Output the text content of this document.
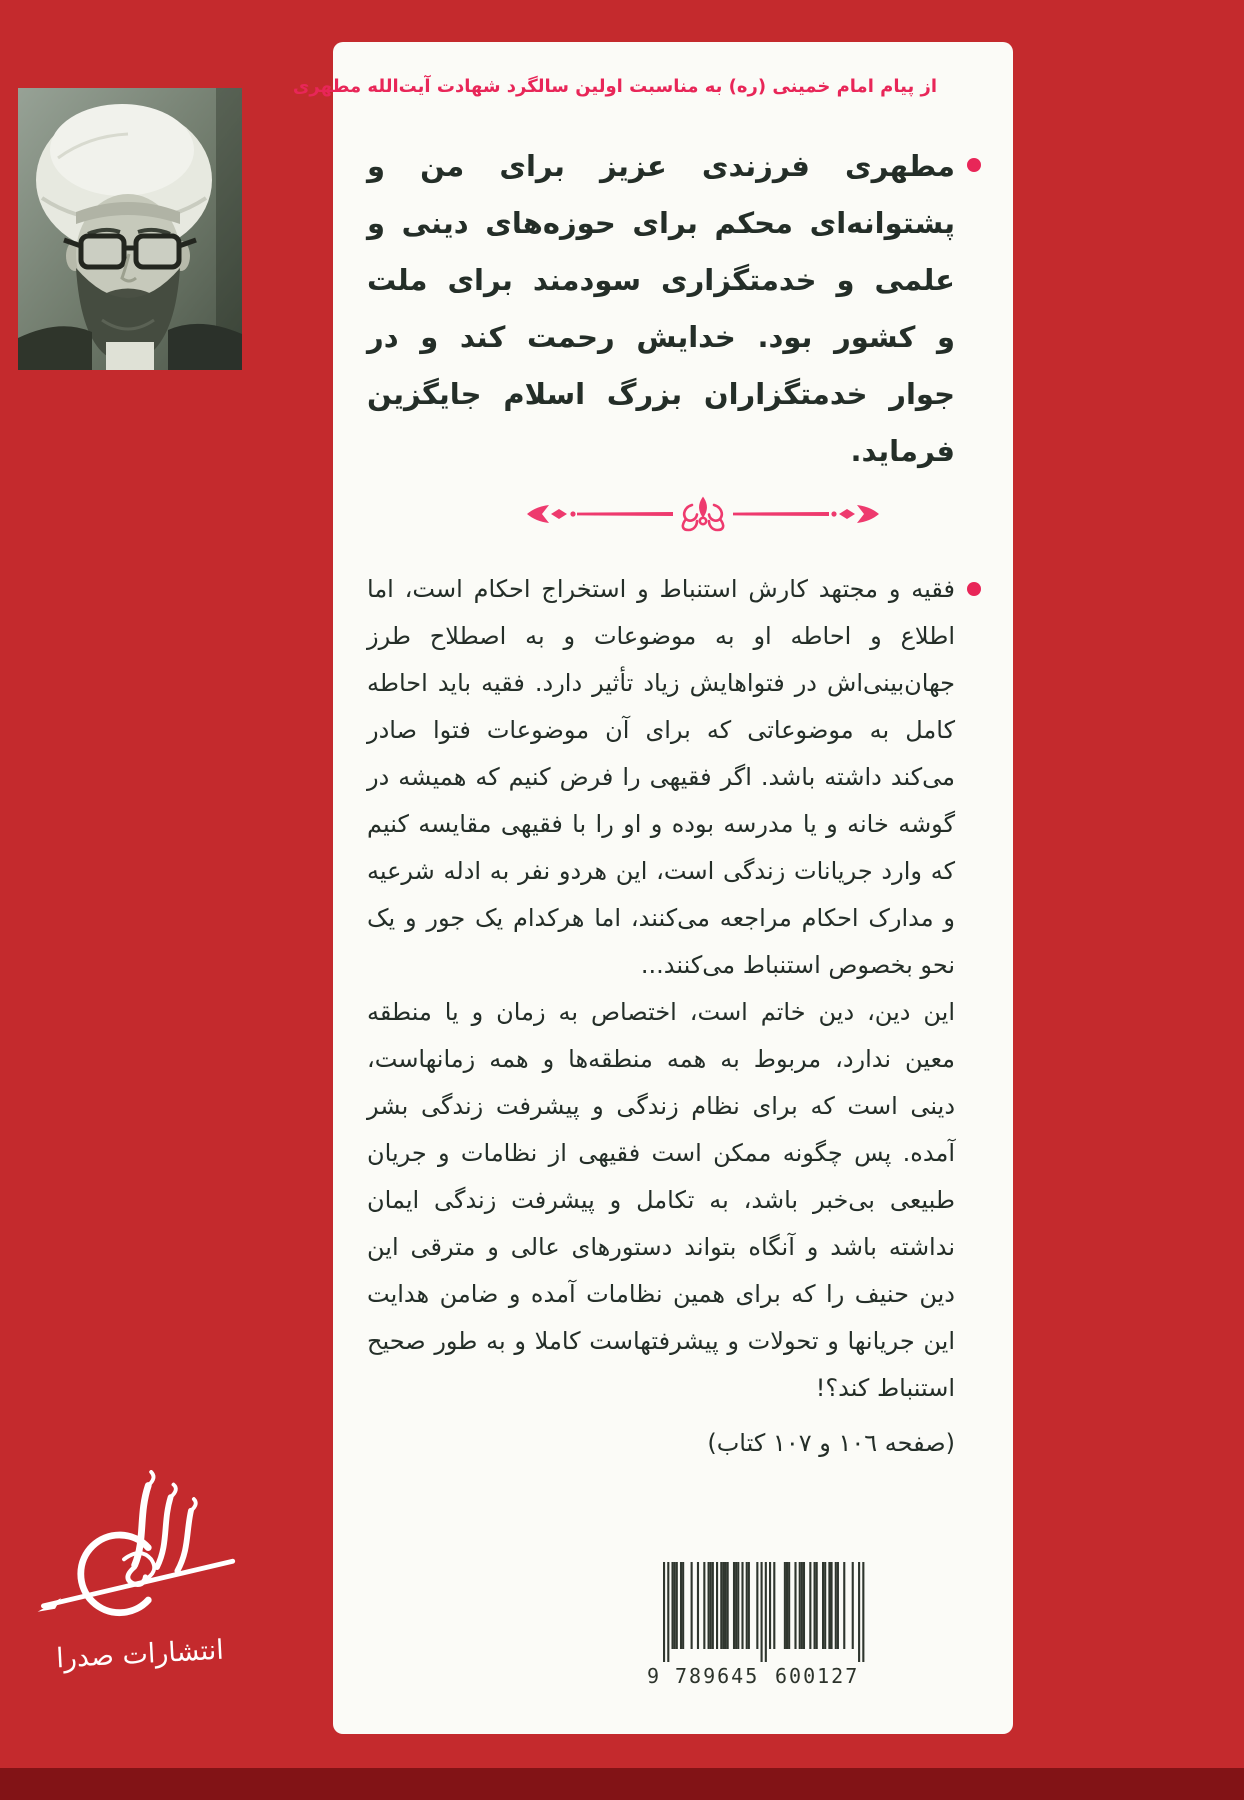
از پیام امام خمینی (ره) به مناسبت اولین سالگرد شهادت آیت‌الله مطهری

مطهری فرزندی عزیز برای من و پشتوانه‌ای محکم برای حوزه‌های دینی و علمی و خدمتگزاری سودمند برای ملت و کشور بود. خدایش رحمت کند و در جوار خدمتگزاران بزرگ اسلام جایگزین فرماید.

فقیه و مجتهد کارش استنباط و استخراج احکام است، اما اطلاع و احاطه او به موضوعات و به اصطلاح طرز جهان‌بینی‌اش در فتواهایش زیاد تأثیر دارد. فقیه باید احاطه کامل به موضوعاتی که برای آن موضوعات فتوا صادر می‌کند داشته باشد. اگر فقیهی را فرض کنیم که همیشه در گوشه خانه و یا مدرسه بوده و او را با فقیهی مقایسه کنیم که وارد جریانات زندگی است، این هردو نفر به ادله شرعیه و مدارک احکام مراجعه می‌کنند، اما هرکدام یک جور و یک نحو بخصوص استنباط می‌کنند...

این دین، دین خاتم است، اختصاص به زمان و یا منطقه معین ندارد، مربوط به همه منطقه‌ها و همه زمانهاست، دینی است که برای نظام زندگی و پیشرفت زندگی بشر آمده. پس چگونه ممکن است فقیهی از نظامات و جریان طبیعی بی‌خبر باشد، به تکامل و پیشرفت زندگی ایمان نداشته باشد و آنگاه بتواند دستورهای عالی و مترقی این دین حنیف را که برای همین نظامات آمده و ضامن هدایت این جریانها و تحولات و پیشرفتهاست کاملا و به طور صحیح استنباط کند؟!

(صفحه ١٠٦ و ١٠٧ کتاب)

9 789645 600127
انتشارات صدرا
